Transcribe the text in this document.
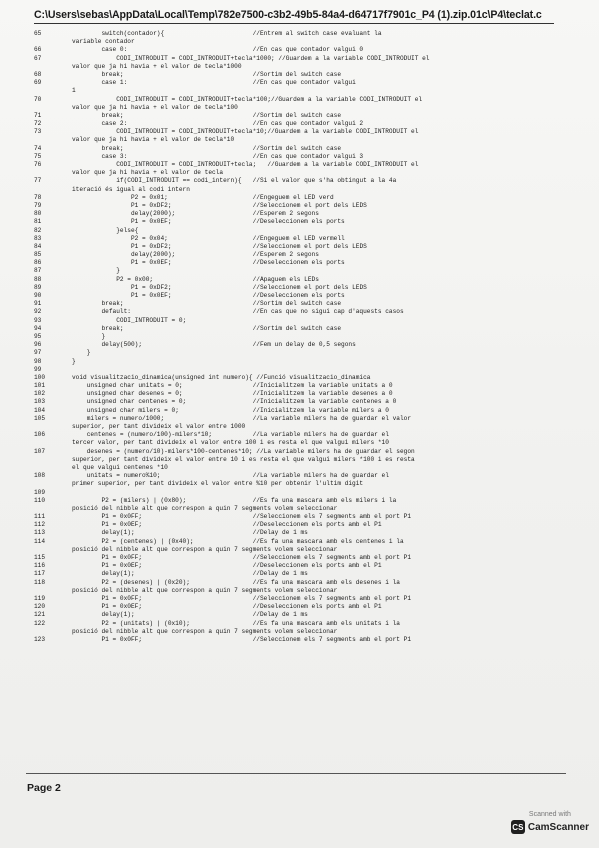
C:\Users\sebas\AppData\Local\Temp\782e7500-c3b2-49b5-84a4-d64717f7901c_P4 (1).zip.01c\P4\teclat.c
65	switch(contador){                        //Entrem al switch case evaluant la
variable contador
66	case 0:                                  //En cas que contador valgui 0
67	CODI_INTRODUIT = CODI_INTRODUIT+tecla*1000; //Guardem a la variable CODI_INTRODUIT el
valor que ja hi havia + el valor de tecla*1000
68	break;                                   //Sortim del switch case
69	case 1:                                  //En cas que contador valgui
1
70	CODI_INTRODUIT = CODI_INTRODUIT+tecla*100;//Guardem a la variable CODI_INTRODUIT el
valor que ja hi havia + el valor de tecla*100
71	break;                                   //Sortim del switch case
72	case 2:                                  //En cas que contador valgui 2
73	CODI_INTRODUIT = CODI_INTRODUIT+tecla*10;//Guardem a la variable CODI_INTRODUIT el
valor que ja hi havia + el valor de tecla*10
74	break;                                   //Sortim del switch case
75	case 3:                                  //En cas que contador valgui 3
76	CODI_INTRODUIT = CODI_INTRODUIT+tecla;   //Guardem a la variable CODI_INTRODUIT el
valor que ja hi havia + el valor de tecla
77	if(CODI_INTRODUIT == codi_intern){   //Si el valor que s'ha obtingut a la 4a
iteració és igual al codi intern
78	P2 = 0x01;                       //Engeguem el LED verd
79	P1 = 0xDF2;                      //Seleccionem el port dels LEDS
80	delay(2000);                     //Esperem 2 segons
81	P1 = 0x0EF;                      //Deseleccionem els ports
82	}else{
83	P2 = 0x04;                       //Engeguem el LED vermell
84	P1 = 0xDF2;                      //Seleccionem el port dels LEDS
85	delay(2000);                     //Esperem 2 segons
86	P1 = 0x0EF;                      //Deseleccionem els ports
87	}
88	P2 = 0x00;                           //Apaguem els LEDs
89	P1 = 0xDF2;                      //Seleccionem el port dels LEDS
90	P1 = 0x0EF;                      //Deseleccionem els ports
91	break;                                   //Sortim del switch case
92	default:                                 //En cas que no sigui cap d'aquests casos
93	CODI_INTRODUIT = 0;
94	break;                                   //Sortim del switch case
95	}
96	delay(500);                              //Fem un delay de 0,5 segons
97	}
98	}
99
100	void visualitzacio_dinamica(unsigned int numero){ //Funció visualitzacio_dinamica
101	unsigned char unitats = 0;                   //Inicialitzem la variable unitats a 0
102	unsigned char desenes = 0;                   //Inicialitzem la variable desenes a 0
103	unsigned char centenes = 0;                  //Inicialitzem la variable centenes a 0
104	unsigned char milers = 0;                    //Inicialitzem la variable milers a 0
105	milers = numero/1000;                        //La variable milers ha de guardar el valor
superior, per tant divideix el valor entre 1000
106	centenes = (numero/100)-milers*10;           //La variable milers ha de guardar el
tercer valor, per tant divideix el valor entre 100 i es resta el que valgui milers *10
107	desenes = (numero/10)-milers*100-centenes*10; //La variable milers ha de guardar el segon
superior, per tant divideix el valor entre 10 i es resta el que valgui milers *100 i es resta
el que valgui centenes *10
108	unitats = numero%10;                         //La variable milers ha de guardar el
primer superior, per tant divideix el valor entre %10 per obtenir l'ultim digit
109
110	P2 = (milers) | (0x80);                  //Es fa una mascara amb els milers i la
posició del nibble alt que correspon a quin 7 segments volem seleccionar
111	P1 = 0x0FF;                              //Seleccionem els 7 segments amb el port P1
112	P1 = 0x0EF;                              //Deseleccionem els ports amb el P1
113	delay(1);                                //Delay de 1 ms
114	P2 = (centenes) | (0x40);                //Es fa una mascara amb els centenes i la
posició del nibble alt que correspon a quin 7 segments volem seleccionar
115	P1 = 0x0FF;                              //Seleccionem els 7 segments amb el port P1
116	P1 = 0x0EF;                              //Deseleccionem els ports amb el P1
117	delay(1);                                //Delay de 1 ms
118	P2 = (desenes) | (0x20);                 //Es fa una mascara amb els desenes i la
posició del nibble alt que correspon a quin 7 segments volem seleccionar
119	P1 = 0x0FF;                              //Seleccionem els 7 segments amb el port P1
120	P1 = 0x0EF;                              //Deseleccionem els ports amb el P1
121	delay(1);                                //Delay de 1 ms
122	P2 = (unitats) | (0x10);                 //Es fa una mascara amb els unitats i la
posició del nibble alt que correspon a quin 7 segments volem seleccionar
123	P1 = 0x0FF;                              //Seleccionem els 7 segments amb el port P1
Page 2
Scanned with
CS CamScanner
